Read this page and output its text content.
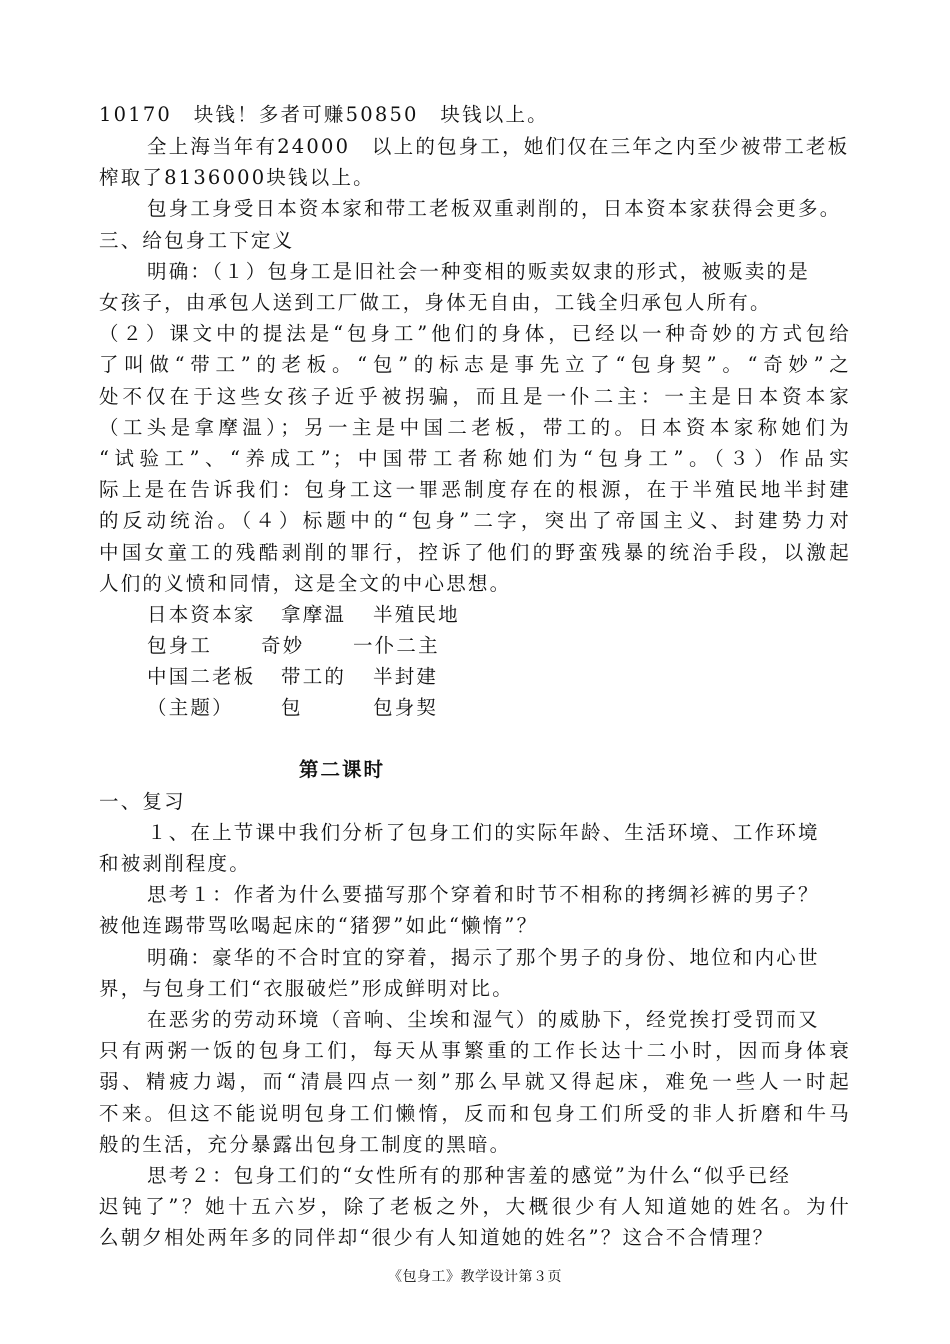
10170　块钱！多者可赚50850　块钱以上。
全上海当年有24000　以上的包身工，她们仅在三年之内至少被带工老板
榨取了8136000块钱以上。
包身工身受日本资本家和带工老板双重剥削的，日本资本家获得会更多。
三、给包身工下定义
明确：（１）包身工是旧社会一种变相的贩卖奴隶的形式，被贩卖的是
女孩子，由承包人送到工厂做工，身体无自由，工钱全归承包人所有。
（２）课文中的提法是“包身工”他们的身体，已经以一种奇妙的方式包给
了叫做“带工”的老板。“包”的标志是事先立了“包身契”。“奇妙”之
处不仅在于这些女孩子近乎被拐骗，而且是一仆二主：一主是日本资本家
（工头是拿摩温）；另一主是中国二老板，带工的。日本资本家称她们为
“试验工”、“养成工”；中国带工者称她们为“包身工”。（３）作品实
际上是在告诉我们：包身工这一罪恶制度存在的根源，在于半殖民地半封建
的反动统治。（４）标题中的“包身”二字，突出了帝国主义、封建势力对
中国女童工的残酷剥削的罪行，控诉了他们的野蛮残暴的统治手段，以激起
人们的义愤和同情，这是全文的中心思想。
日本资本家 拿摩温 半殖民地
包身工	奇妙 一仆二主
中国二老板 带工的 半封建
（主题） 包	包身契
第二课时
一、复习
１、在上节课中我们分析了包身工们的实际年龄、生活环境、工作环境
和被剥削程度。
思考１：作者为什么要描写那个穿着和时节不相称的拷绸衫裤的男子？
被他连踢带骂吆喝起床的“猪猡”如此“懒惰”？
明确：豪华的不合时宜的穿着，揭示了那个男子的身份、地位和内心世
界，与包身工们“衣服破烂”形成鲜明对比。
在恶劣的劳动环境（音响、尘埃和湿气）的威胁下，经党挨打受罚而又
只有两粥一饭的包身工们，每天从事繁重的工作长达十二小时，因而身体衰
弱、精疲力竭，而“清晨四点一刻”那么早就又得起床，难免一些人一时起
不来。但这不能说明包身工们懒惰，反而和包身工们所受的非人折磨和牛马
般的生活，充分暴露出包身工制度的黑暗。
思考２：包身工们的“女性所有的那种害羞的感觉”为什么“似乎已经
迟钝了”？她十五六岁，除了老板之外，大概很少有人知道她的姓名。为什
么朝夕相处两年多的同伴却“很少有人知道她的姓名”？这合不合情理？
《包身工》教学设计第３页
